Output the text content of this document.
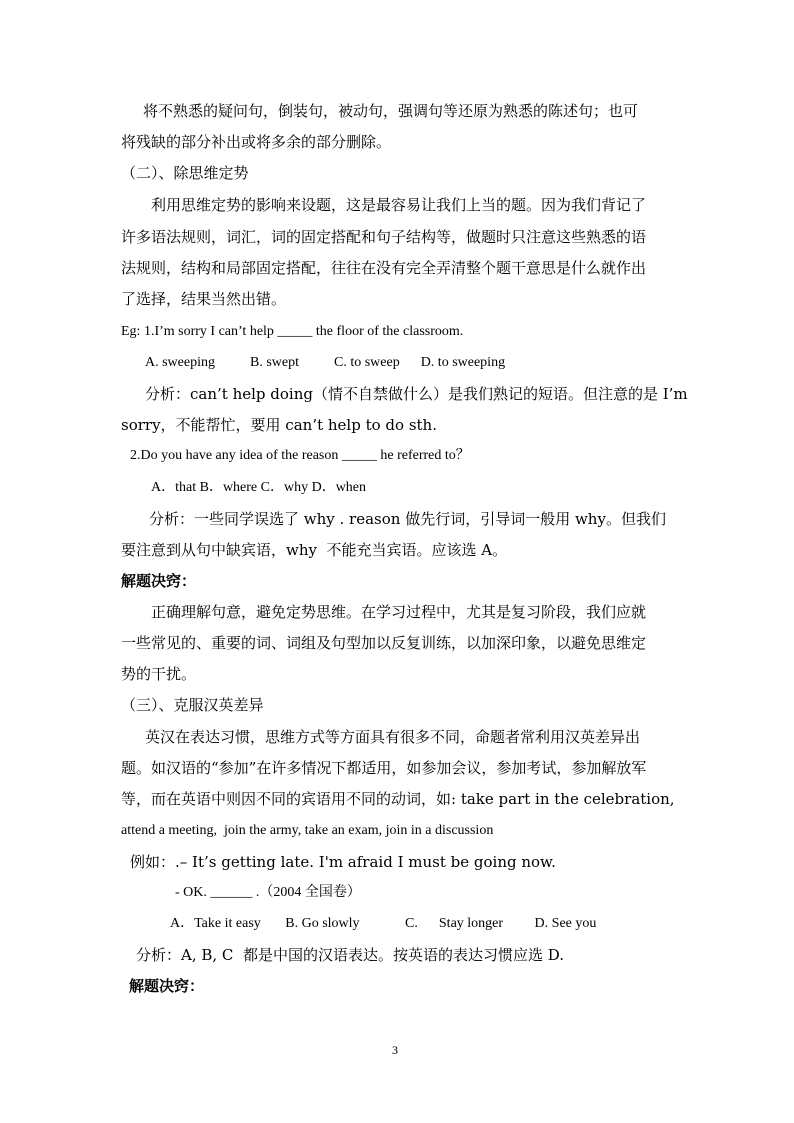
将不熟悉的疑问句，倒装句，被动句，强调句等还原为熟悉的陈述句；也可
将残缺的部分补出或将多余的部分删除。
（二）、除思维定势
利用思维定势的影响来设题，这是最容易让我们上当的题。因为我们背记了
许多语法规则，词汇，词的固定搭配和句子结构等，做题时只注意这些熟悉的语
法规则，结构和局部固定搭配，往往在没有完全弄清整个题干意思是什么就作出
了选择，结果当然出错。
Eg: 1.I’m sorry I can’t help _____ the floor of the classroom.
A. sweeping          B. swept          C. to sweep      D. to sweeping
分析：can’t help doing（情不自禁做什么）是我们熟记的短语。但注意的是 I’m
sorry，不能帮忙，要用 can’t help to do sth.
2.Do you have any idea of the reason _____ he referred to？
A．that B．where C．why D．when
分析：一些同学误选了 why . reason 做先行词，引导词一般用 why。但我们
要注意到从句中缺宾语，why  不能充当宾语。应该选 A。
解题决窍：
正确理解句意，避免定势思维。在学习过程中，尤其是复习阶段，我们应就
一些常见的、重要的词、词组及句型加以反复训练，以加深印象，以避免思维定
势的干扰。
（三）、克服汉英差异
英汉在表达习惯，思维方式等方面具有很多不同，命题者常利用汉英差异出
题。如汉语的“参加”在许多情况下都适用，如参加会议，参加考试，参加解放军
等，而在英语中则因不同的宾语用不同的动词，如: take part in the celebration,
attend a meeting,  join the army, take an exam, join in a discussion
例如：.– It’s getting late. I'm afraid I must be going now.
- OK. ______ .（2004 全国卷）
A．Take it easy       B. Go slowly             C.      Stay longer         D. See you
分析：A, B, C  都是中国的汉语表达。按英语的表达习惯应选 D.
解题决窍：
3
